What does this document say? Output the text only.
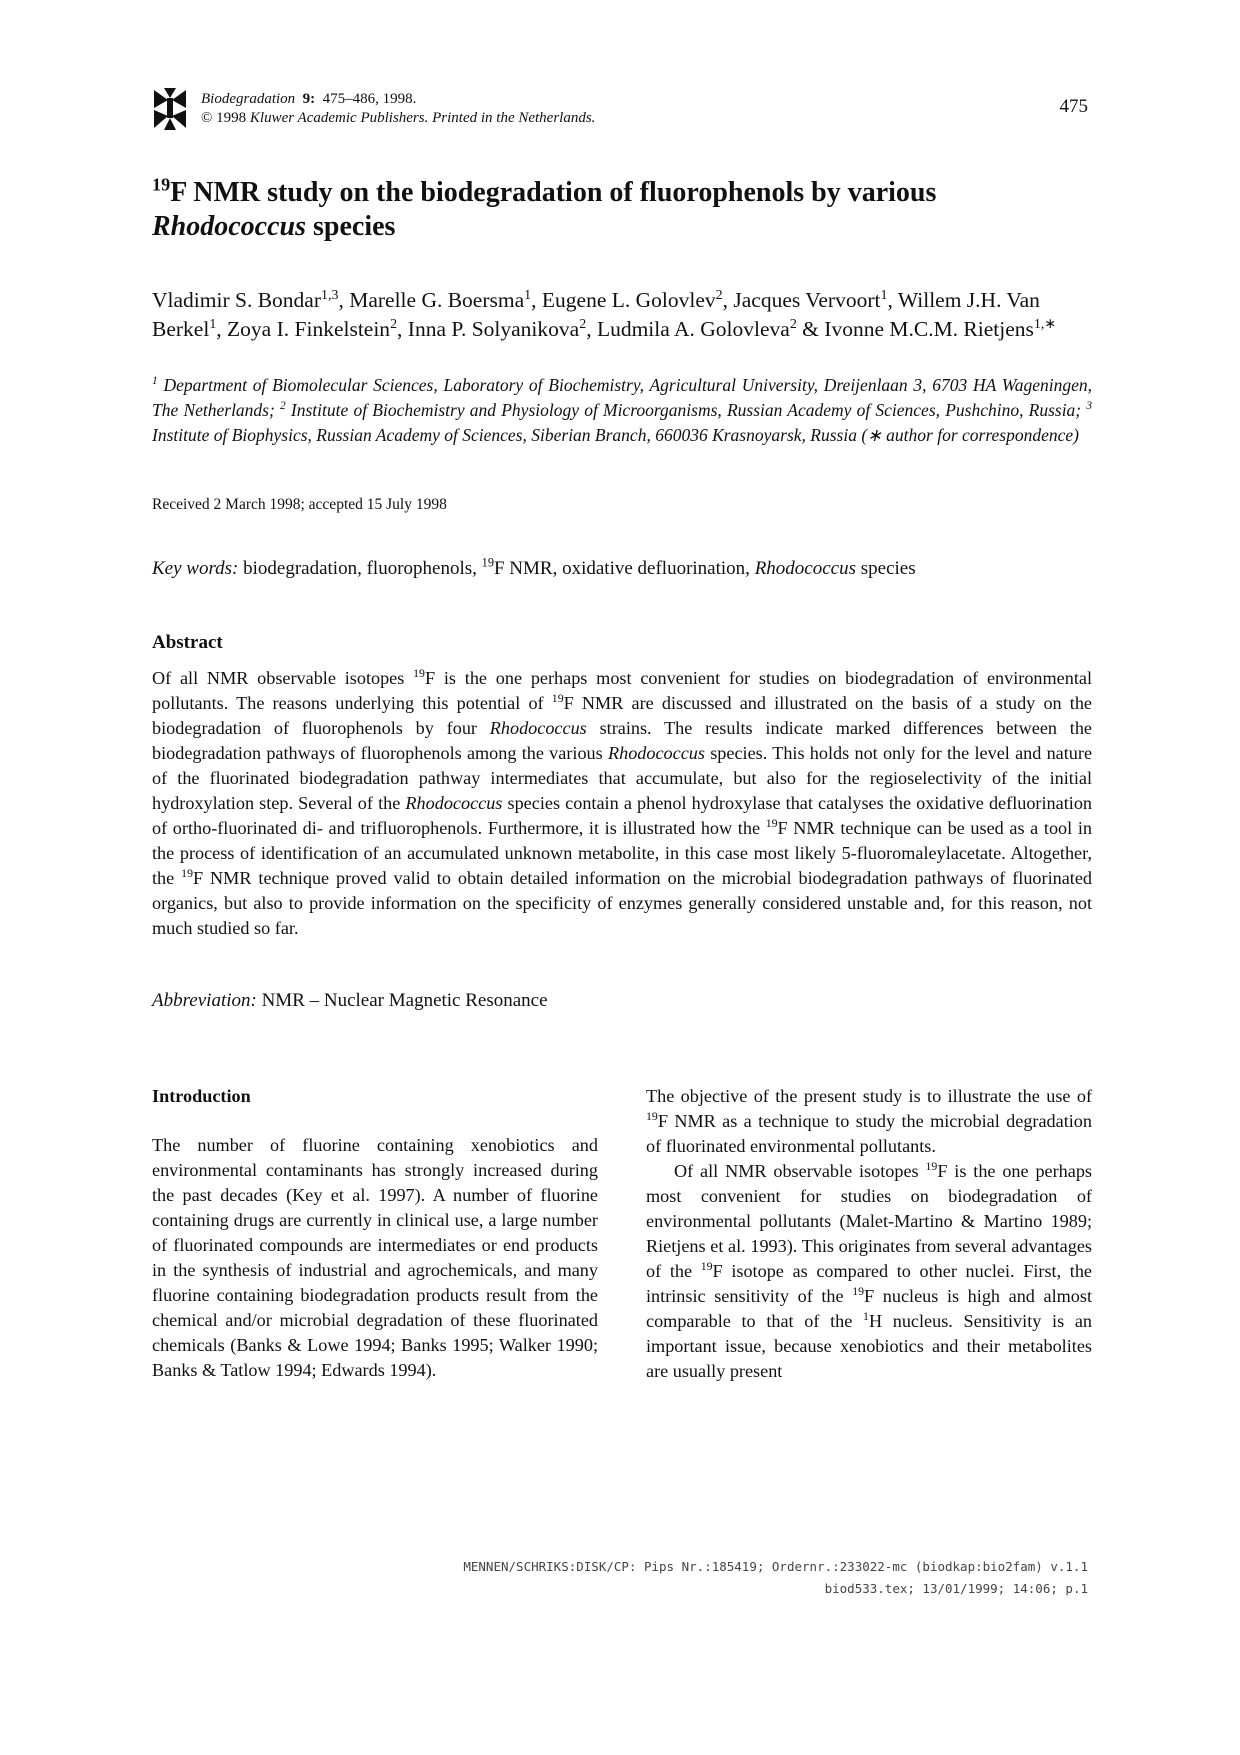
Biodegradation 9: 475–486, 1998.
© 1998 Kluwer Academic Publishers. Printed in the Netherlands.
475
$^{19}$F NMR study on the biodegradation of fluorophenols by various
Rhodococcus species
Vladimir S. Bondar$^{1,3}$, Marelle G. Boersma$^1$, Eugene L. Golovlev$^2$, Jacques Vervoort$^1$, Willem J.H. Van Berkel$^1$, Zoya I. Finkelstein$^2$, Inna P. Solyanikova$^2$, Ludmila A. Golovleva$^2$ & Ivonne M.C.M. Rietjens$^{1,∗}$
$^1$ Department of Biomolecular Sciences, Laboratory of Biochemistry, Agricultural University, Dreijenlaan 3, 6703 HA Wageningen, The Netherlands; $^2$ Institute of Biochemistry and Physiology of Microorganisms, Russian Academy of Sciences, Pushchino, Russia; $^3$ Institute of Biophysics, Russian Academy of Sciences, Siberian Branch, 660036 Krasnoyarsk, Russia (∗ author for correspondence)
Received 2 March 1998; accepted 15 July 1998
Key words: biodegradation, fluorophenols, $^{19}$F NMR, oxidative defluorination, Rhodococcus species
Abstract

Of all NMR observable isotopes $^{19}$F is the one perhaps most convenient for studies on biodegradation of environmental pollutants. The reasons underlying this potential of $^{19}$F NMR are discussed and illustrated on the basis of a study on the biodegradation of fluorophenols by four Rhodococcus strains. The results indicate marked differences between the biodegradation pathways of fluorophenols among the various Rhodococcus species. This holds not only for the level and nature of the fluorinated biodegradation pathway intermediates that accumulate, but also for the regioselectivity of the initial hydroxylation step. Several of the Rhodococcus species contain a phenol hydroxylase that catalyses the oxidative defluorination of ortho-fluorinated di- and trifluorophenols. Furthermore, it is illustrated how the $^{19}$F NMR technique can be used as a tool in the process of identification of an accumulated unknown metabolite, in this case most likely 5-fluoromaleylacetate. Altogether, the $^{19}$F NMR technique proved valid to obtain detailed information on the microbial biodegradation pathways of fluorinated organics, but also to provide information on the specificity of enzymes generally considered unstable and, for this reason, not much studied so far.

Abbreviation: NMR – Nuclear Magnetic Resonance
Introduction

The number of fluorine containing xenobiotics and environmental contaminants has strongly increased during the past decades (Key et al. 1997). A number of fluorine containing drugs are currently in clinical use, a large number of fluorinated compounds are intermediates or end products in the synthesis of industrial and agrochemicals, and many fluorine containing biodegradation products result from the chemical and/or microbial degradation of these fluorinated chemicals (Banks & Lowe 1994; Banks 1995; Walker 1990; Banks & Tatlow 1994; Edwards 1994).

The objective of the present study is to illustrate the use of $^{19}$F NMR as a technique to study the microbial degradation of fluorinated environmental pollutants.

Of all NMR observable isotopes $^{19}$F is the one perhaps most convenient for studies on biodegradation of environmental pollutants (Malet-Martino & Martino 1989; Rietjens et al. 1993). This originates from several advantages of the $^{19}$F isotope as compared to other nuclei. First, the intrinsic sensitivity of the $^{19}$F nucleus is high and almost comparable to that of the $^1$H nucleus. Sensitivity is an important issue, because xenobiotics and their metabolites are usually present

MENNEN/SCHRIKS:DISK/CP: Pips Nr.:185419; Ordernr.:233022-mc (biodkap:bio2fam) v.1.1
biod533.tex; 13/01/1999; 14:06; p.1
